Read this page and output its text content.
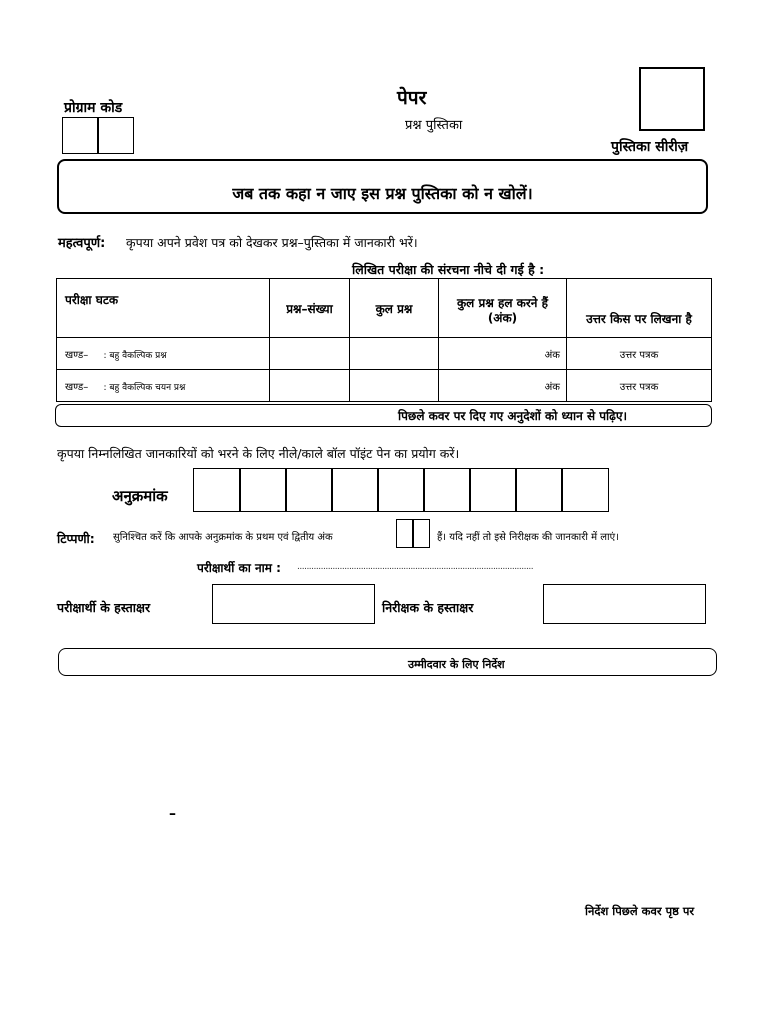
प्रोग्राम कोड	पेपर
प्रश्न पुस्तिका
पुस्तिका सीरीज़
जब तक कहा न जाए इस प्रश्न पुस्तिका को न खोलें।
महत्वपूर्ण: कृपया अपने प्रवेश पत्र को देखकर प्रश्न–पुस्तिका में जानकारी भरें।
लिखित परीक्षा की संरचना नीचे दी गई है :
परीक्षा घटक	प्रश्न–संख्या	कुल प्रश्न	कुल प्रश्न हल करने हैं (अंक)	उत्तर किस पर लिखना है
खण्ड– : बहु वैकल्पिक प्रश्न			अंक	उत्तर पत्रक
खण्ड– : बहु वैकल्पिक चयन प्रश्न			अंक	उत्तर पत्रक
पिछले कवर पर दिए गए अनुदेशों को ध्यान से पढ़िए।
कृपया निम्नलिखित जानकारियों को भरने के लिए नीले/काले बॉल पॉइंट पेन का प्रयोग करें।
अनुक्रमांक
टिप्पणी: सुनिश्चित करें कि आपके अनुक्रमांक के प्रथम एवं द्वितीय अंक	हैं। यदि नहीं तो इसे निरीक्षक की जानकारी में लाएं।
परीक्षार्थी का नाम : ....................................................................................................
परीक्षार्थी के हस्ताक्षर	निरीक्षक के हस्ताक्षर
उम्मीदवार के लिए निर्देश
–
निर्देश पिछले कवर पृष्ठ पर
